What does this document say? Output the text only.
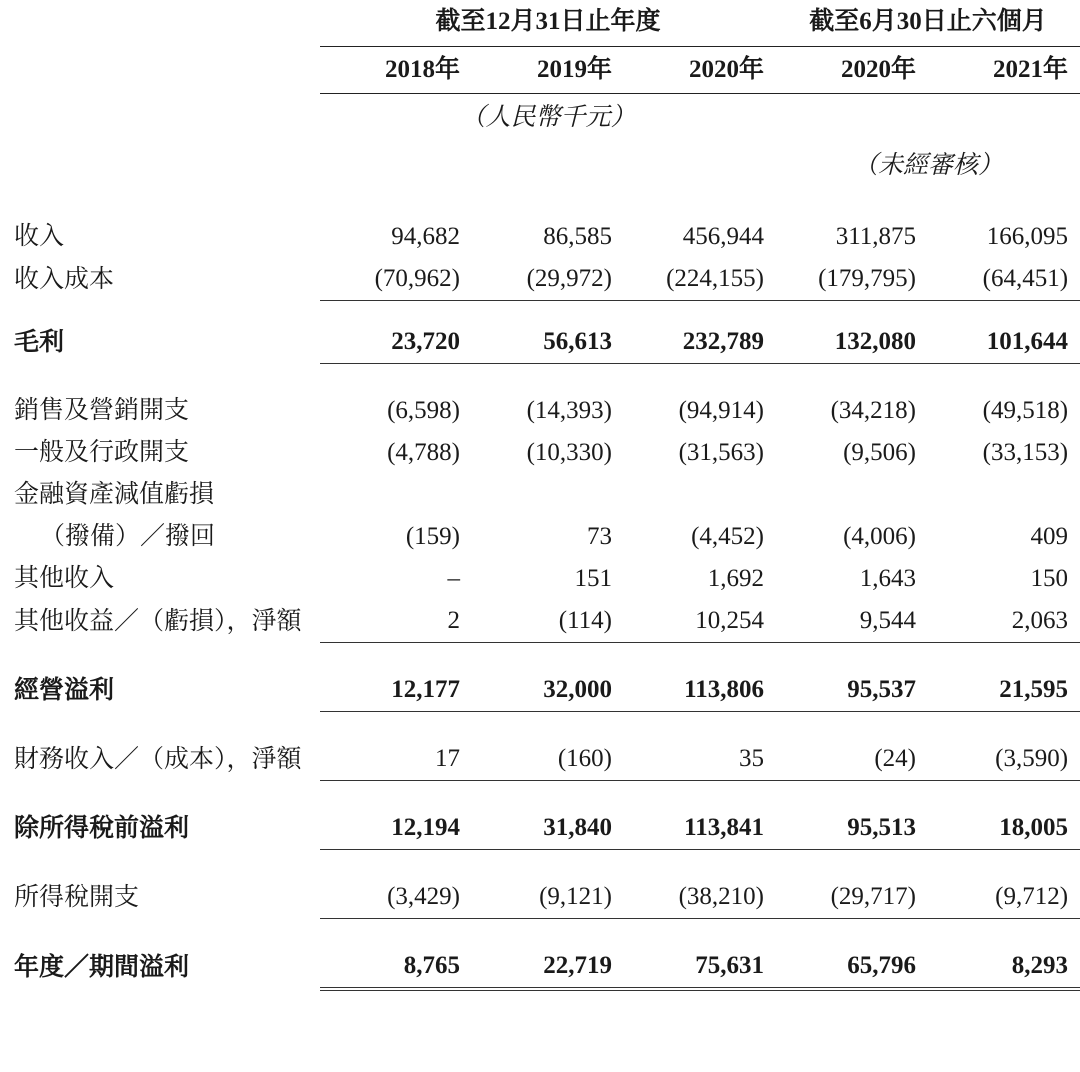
	截至12月31日止年度			截至6月30日止六個月	
	2018年	2019年	2020年	2020年	2021年
	（人民幣千元）				
				（未經審核）	

收入	94,682	86,585	456,944	311,875	166,095
收入成本	(70,962)	(29,972)	(224,155)	(179,795)	(64,451)

毛利	23,720	56,613	232,789	132,080	101,644

銷售及營銷開支	(6,598)	(14,393)	(94,914)	(34,218)	(49,518)
一般及行政開支	(4,788)	(10,330)	(31,563)	(9,506)	(33,153)
金融資產減值虧損					
（撥備）／撥回	(159)	73	(4,452)	(4,006)	409
其他收入	–	151	1,692	1,643	150
其他收益／（虧損），淨額	2	(114)	10,254	9,544	2,063

經營溢利	12,177	32,000	113,806	95,537	21,595

財務收入／（成本），淨額	17	(160)	35	(24)	(3,590)

除所得稅前溢利	12,194	31,840	113,841	95,513	18,005

所得稅開支	(3,429)	(9,121)	(38,210)	(29,717)	(9,712)

年度／期間溢利	8,765	22,719	75,631	65,796	8,293
